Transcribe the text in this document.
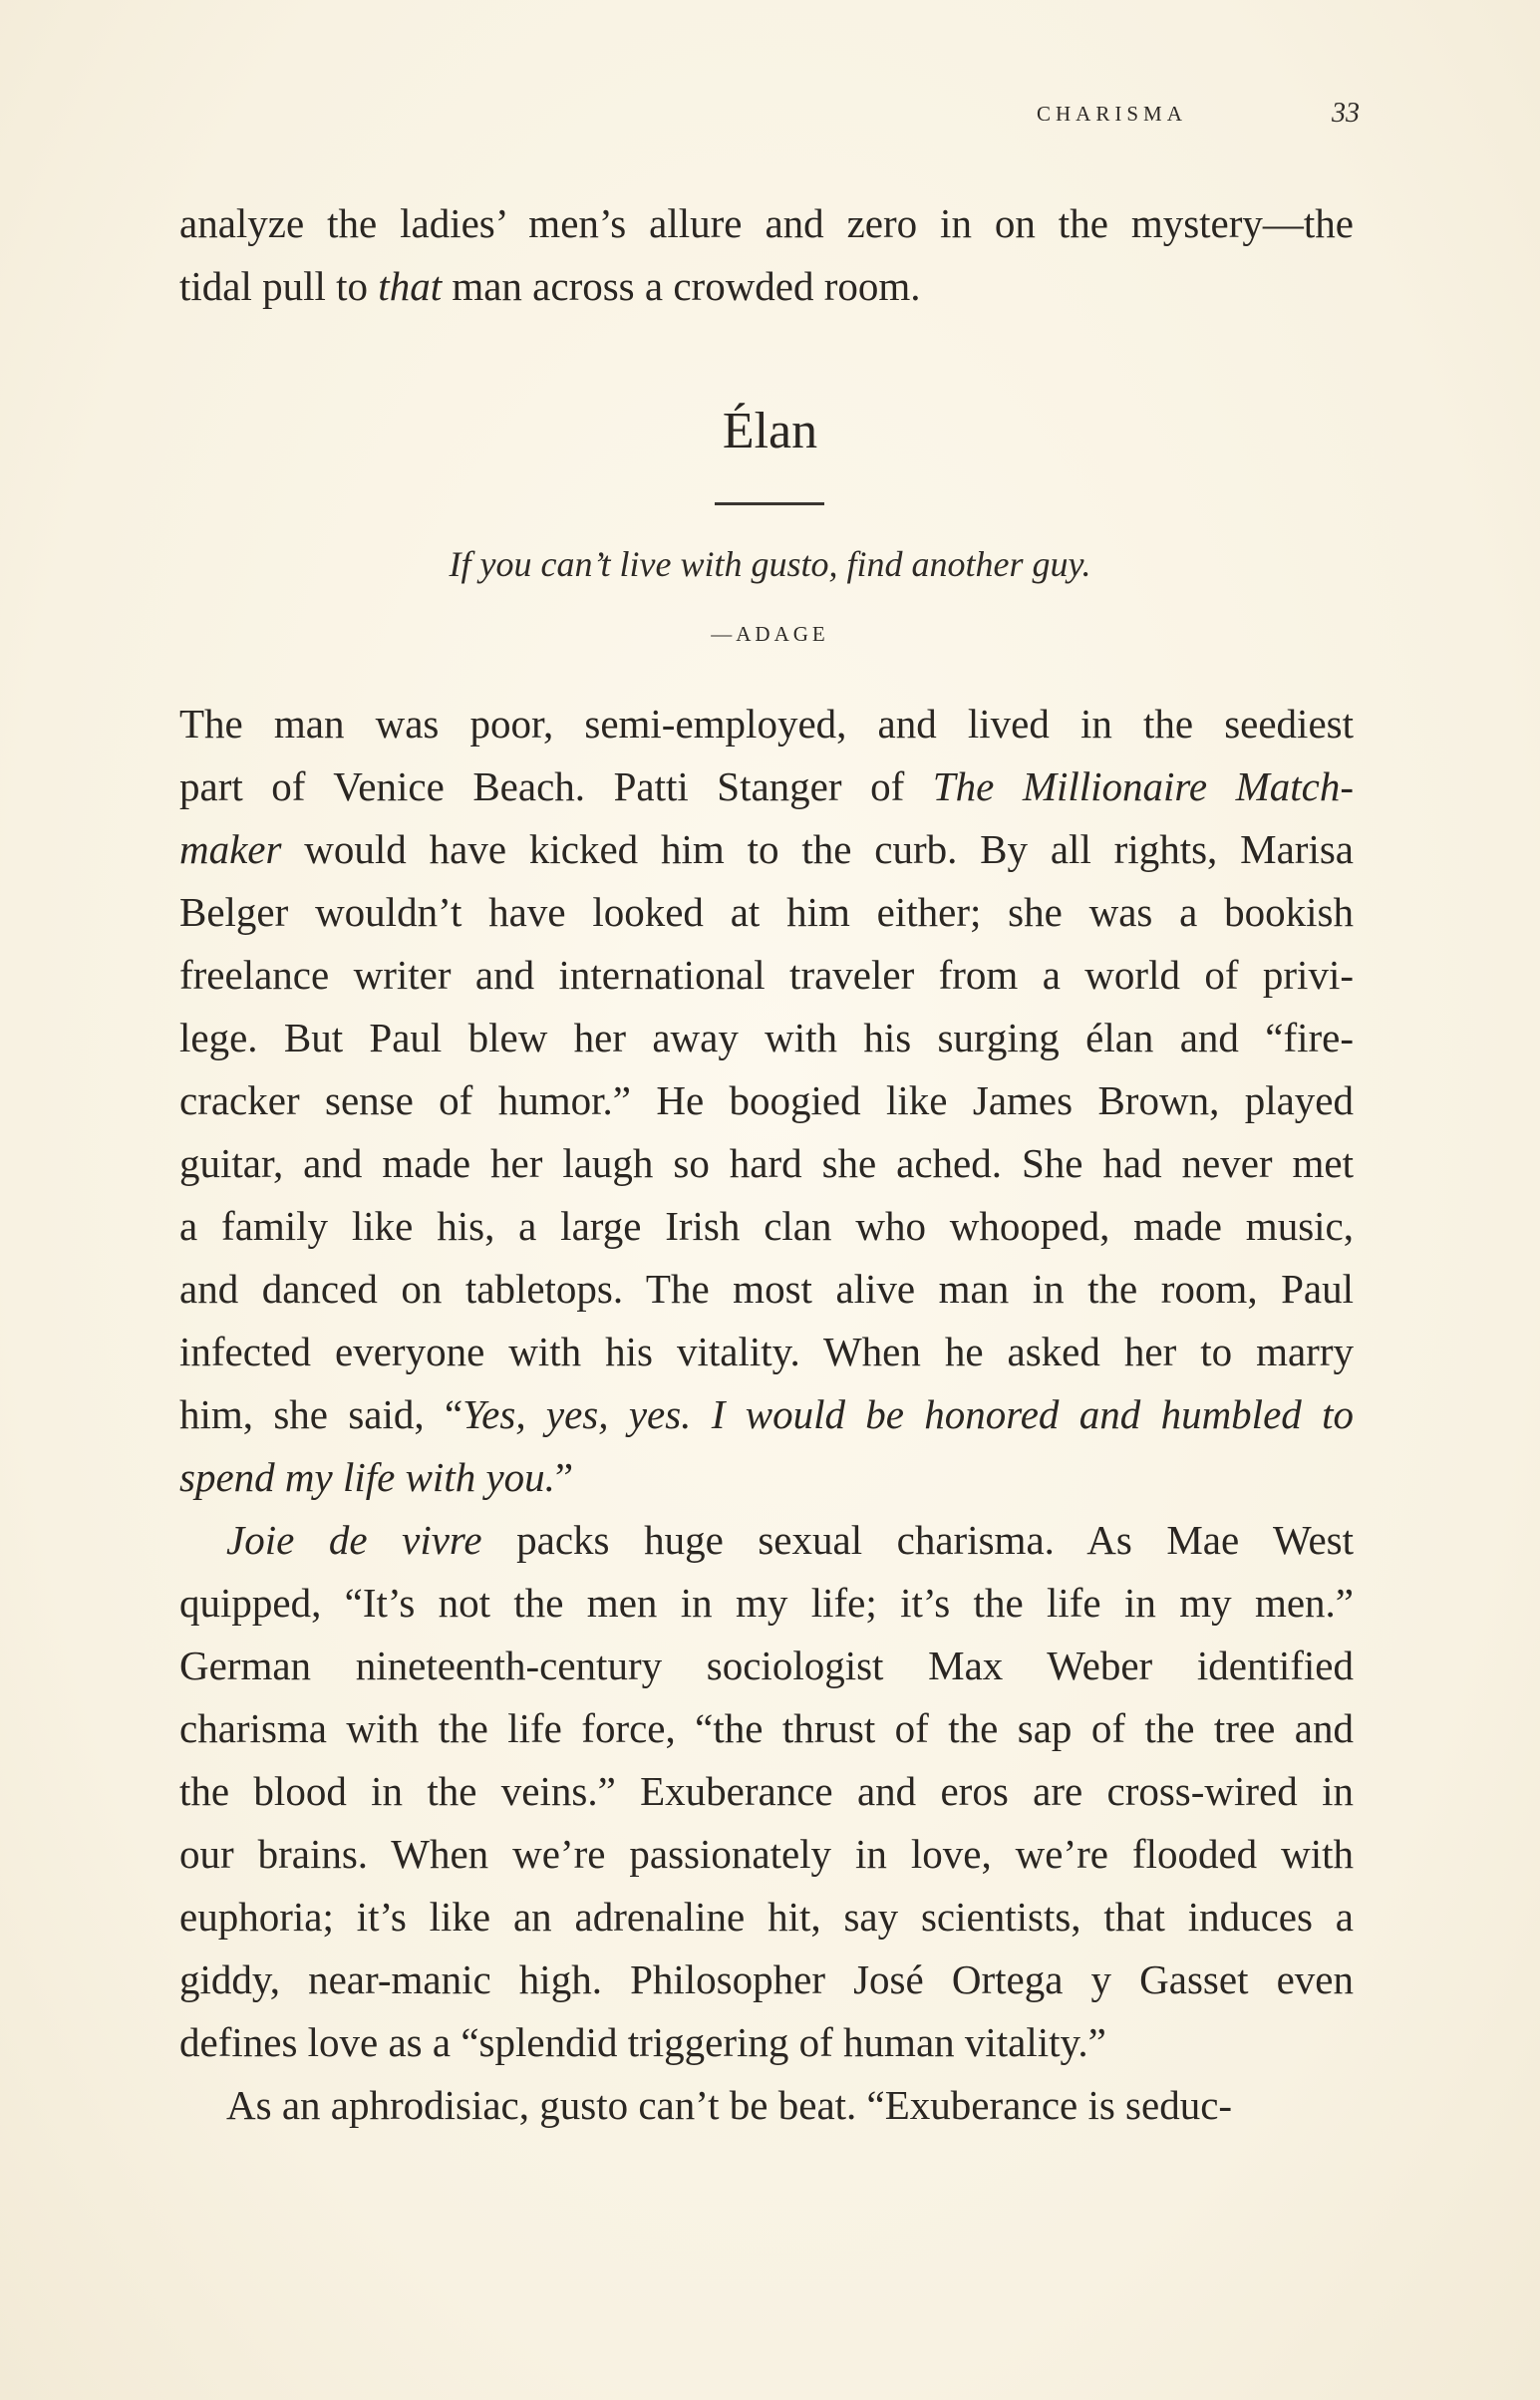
CHARISMA	33
analyze the ladies’ men’s allure and zero in on the mystery—the
tidal pull to that man across a crowded room.
Élan
If you can’t live with gusto, find another guy.
—ADAGE

The man was poor, semi-employed, and lived in the seediest
part of Venice Beach. Patti Stanger of The Millionaire Match-
maker would have kicked him to the curb. By all rights, Marisa
Belger wouldn’t have looked at him either; she was a bookish
freelance writer and international traveler from a world of privi-
lege. But Paul blew her away with his surging élan and “fire-
cracker sense of humor.” He boogied like James Brown, played
guitar, and made her laugh so hard she ached. She had never met
a family like his, a large Irish clan who whooped, made music,
and danced on tabletops. The most alive man in the room, Paul
infected everyone with his vitality. When he asked her to marry
him, she said, “Yes, yes, yes. I would be honored and humbled to
spend my life with you.”

Joie de vivre packs huge sexual charisma. As Mae West
quipped, “It’s not the men in my life; it’s the life in my men.”
German nineteenth-century sociologist Max Weber identified
charisma with the life force, “the thrust of the sap of the tree and
the blood in the veins.” Exuberance and eros are cross-wired in
our brains. When we’re passionately in love, we’re flooded with
euphoria; it’s like an adrenaline hit, say scientists, that induces a
giddy, near-manic high. Philosopher José Ortega y Gasset even
defines love as a “splendid triggering of human vitality.”

As an aphrodisiac, gusto can’t be beat. “Exuberance is seduc-
